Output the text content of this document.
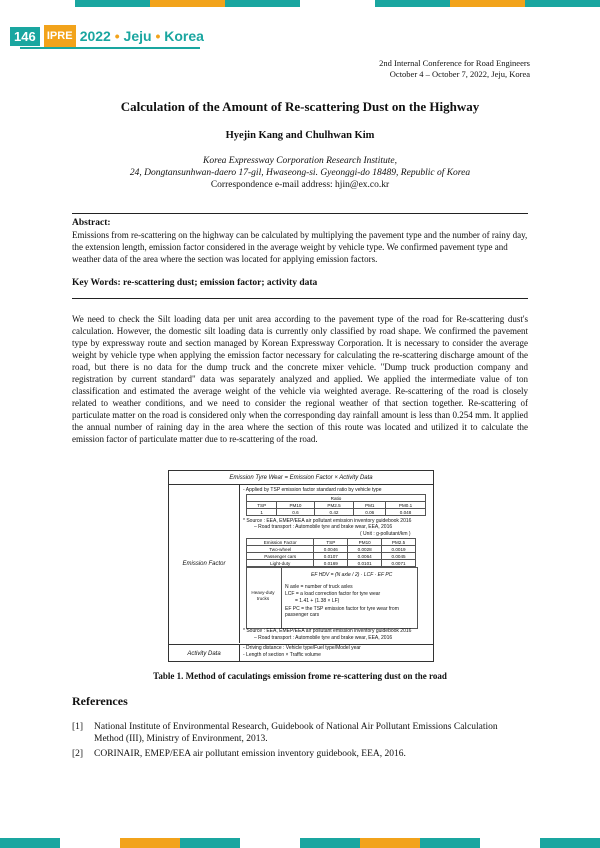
146	IPRE 2022 • Jeju • Korea
2nd Internal Conference for Road Engineers
October 4 – October 7, 2022, Jeju, Korea
Calculation of the Amount of Re-scattering Dust on the Highway
Hyejin Kang and Chulhwan Kim
Korea Expressway Corporation Research Institute,
24, Dongtansunhwan-daero 17-gil, Hwaseong-si. Gyeonggi-do 18489, Republic of Korea
Correspondence e-mail address: hjin@ex.co.kr
Abstract:
Emissions from re-scattering on the highway can be calculated by multiplying the pavement type and the number of rainy day, the extension length, emission factor considered in the average weight by vehicle type. We confirmed pavement type and weather data of the area where the section was located for applying emission factors.
Key Words: re-scattering dust; emission factor; activity data
We need to check the Silt loading data per unit area according to the pavement type of the road for Re-scattering dust's calculation. However, the domestic silt loading data is currently only classified by road shape. We confirmed the pavement type by expressway route and section managed by Korean Expressway Corporation. It is necessary to consider the average weight by vehicle type when applying the emission factor necessary for calculating the re-scattering discharge amount of the road, but there is no data for the dump truck and the concrete mixer vehicle. "Dump truck production company and registration by current standard" data was separately analyzed and applied. We applied the intermediate value of ton classification and estimated the average weight of the vehicle via weighted average. Re-scattering of the road is closely related to weather conditions, and we need to consider the regional weather of that section together. Re-scattering of particulate matter on the road is considered only when the corresponding day rainfall amount is less than 0.254 mm. It applied the annual number of raining day in the area where the section of this route was located and utilized it to calculate the emission factor of particulate matter due to re-scattering of the road.
Emission Tyre Wear = Emission Factor × Activity Data
Emission Factor
- Applied by TSP emission factor standard ratio by vehicle type
Ratio				
TSP	PM10	PM2.5	PM1	PM0.1
1	0.6	0.42	0.06	0.048
* Source : EEA, EMEP/EEA air pollutant emission inventory guidebook 2016
– Road transport : Automobile tyre and brake wear, EEA, 2016
( Unit : g-pollutant/km )
Emission Factor	TSP	PM10	PM2.5
Two-wheel	0.0046	0.0028	0.0019
Passenger cars	0.0107	0.0064	0.0045
Light-duty	0.0169	0.0101	0.0071
Heavy-duty trucks
EF HDV = (N axle / 2) · LCF · EF PC
N axle = number of truck axles
LCF = a load correction factor for tyre wear
= 1.41 + (1.38 × LF)
EF PC = the TSP emission factor for tyre wear from passenger cars
* Source : EEA, EMEP/EEA air pollutant emission inventory guidebook 2016
– Road transport : Automobile tyre and brake wear, EEA, 2016
Activity Data
- Driving distance : Vehicle type/Fuel type/Model year
- Length of section × Traffic volume
Table 1. Method of caculatings emission frome re-scattering dust on the road
References
[1]	National Institute of Environmental Research, Guidebook of National Air Pollutant Emissions Calculation Method (III), Ministry of Environment, 2013.
[2]	CORINAIR, EMEP/EEA air pollutant emission inventory guidebook, EEA, 2016.
